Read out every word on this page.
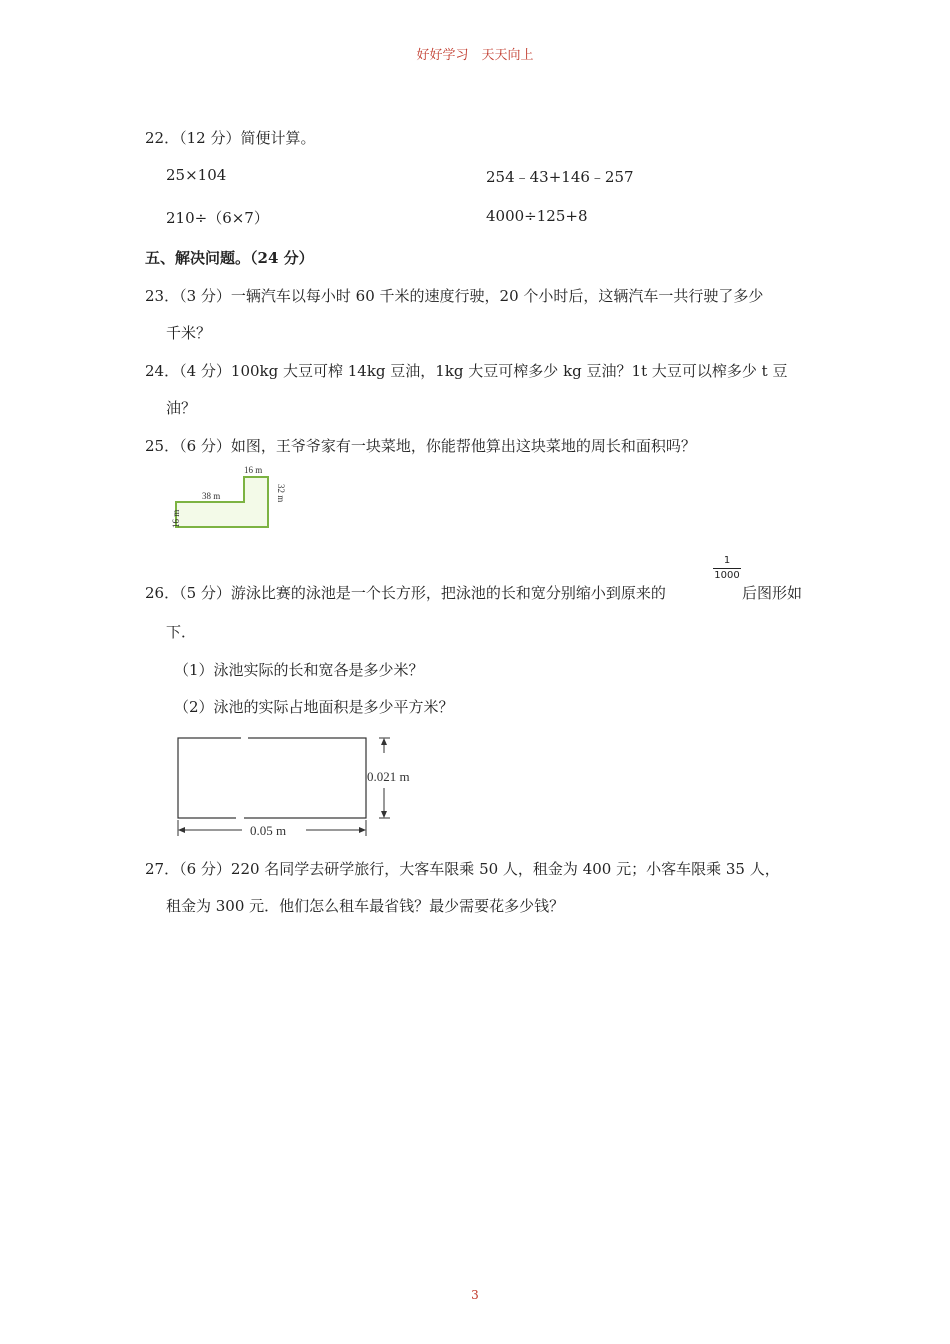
好好学习　天天向上
22．（12 分）简便计算。
25×104	254﹣43+146﹣257
210÷（6×7）	4000÷125+8
五、解决问题。（24 分）
23．（3 分）一辆汽车以每小时 60 千米的速度行驶，20 个小时后，这辆汽车一共行驶了多少
千米？
24．（4 分）100kg 大豆可榨 14kg 豆油，1kg 大豆可榨多少 kg 豆油？1t 大豆可以榨多少 t 豆
油？
25．（6 分）如图，王爷爷家有一块菜地，你能帮他算出这块菜地的周长和面积吗？
16 m
38 m	32 m
16 m
26．（5 分）游泳比赛的泳池是一个长方形，把泳池的长和宽分别缩小到原来的
1
1000
后图形如
下．
（1）泳池实际的长和宽各是多少米？
（2）泳池的实际占地面积是多少平方米？
0.05 m
0.021 m
27．（6 分）220 名同学去研学旅行，大客车限乘 50 人，租金为 400 元；小客车限乘 35 人，
租金为 300 元．他们怎么租车最省钱？最少需要花多少钱？
3
